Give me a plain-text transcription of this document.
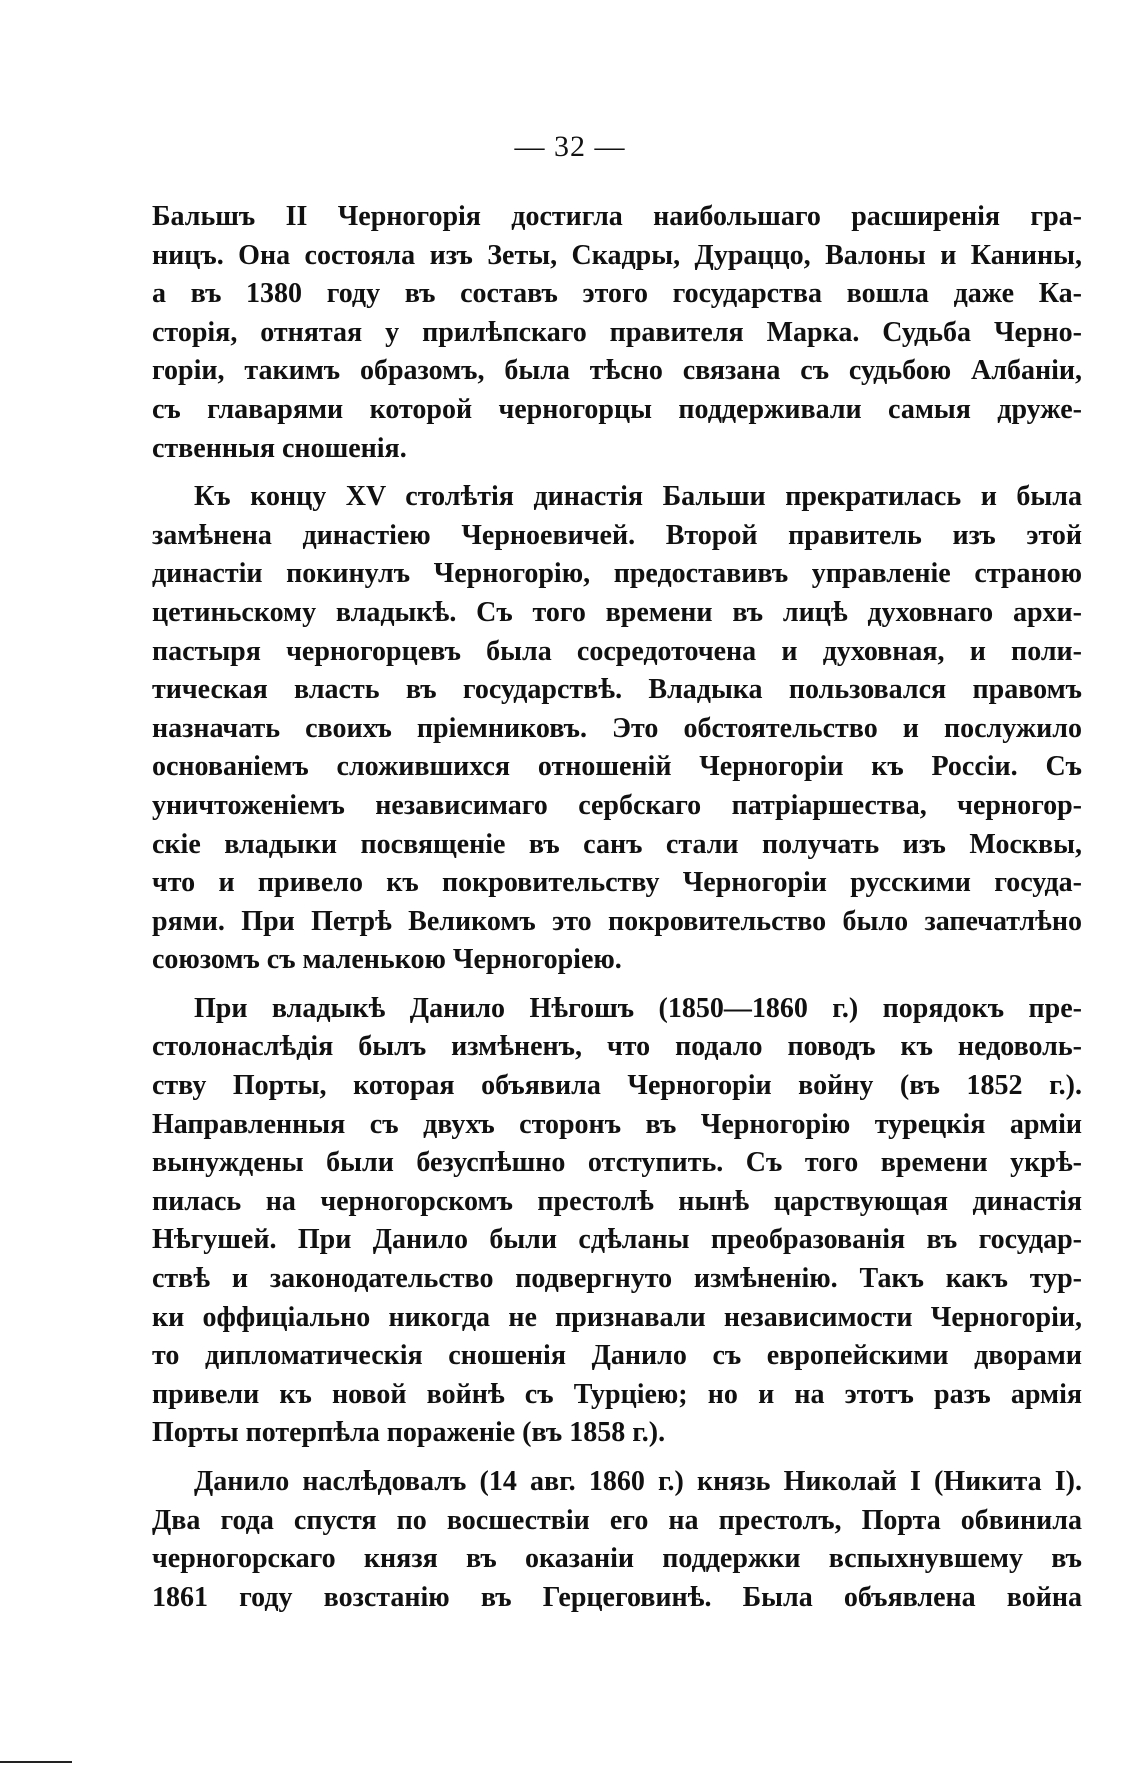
— 32 —
Бальшъ II Черногорія достигла наибольшаго расширенія гра-
ницъ. Она состояла изъ Зеты, Скадры, Дураццо, Валоны и Канины,
а въ 1380 году въ составъ этого государства вошла даже Ка-
сторія, отнятая у прилѣпскаго правителя Марка. Судьба Черно-
горіи, такимъ образомъ, была тѣсно связана съ судьбою Албаніи,
съ главарями которой черногорцы поддерживали самыя друже-
ственныя сношенія.
Къ концу XV столѣтія династія Бальши прекратилась и была
замѣнена династіею Черноевичей. Второй правитель изъ этой
династіи покинулъ Черногорію, предоставивъ управленіе страною
цетиньскому владыкѣ. Съ того времени въ лицѣ духовнаго архи-
пастыря черногорцевъ была сосредоточена и духовная, и поли-
тическая власть въ государствѣ. Владыка пользовался правомъ
назначать своихъ пріемниковъ. Это обстоятельство и послужило
основаніемъ сложившихся отношеній Черногоріи къ Россіи. Съ
уничтоженіемъ независимаго сербскаго патріаршества, черногор-
скіе владыки посвященіе въ санъ стали получать изъ Москвы,
что и привело къ покровительству Черногоріи русскими госуда-
рями. При Петрѣ Великомъ это покровительство было запечатлѣно
союзомъ съ маленькою Черногоріею.
При владыкѣ Данило Нѣгошъ (1850—1860 г.) порядокъ пре-
столонаслѣдія былъ измѣненъ, что подало поводъ къ недоволь-
ству Порты, которая объявила Черногоріи войну (въ 1852 г.).
Направленныя съ двухъ сторонъ въ Черногорію турецкія арміи
вынуждены были безуспѣшно отступить. Съ того времени укрѣ-
пилась на черногорскомъ престолѣ нынѣ царствующая династія
Нѣгушей. При Данило были сдѣланы преобразованія въ государ-
ствѣ и законодательство подвергнуто измѣненію. Такъ какъ тур-
ки оффиціально никогда не признавали независимости Черногоріи,
то дипломатическія сношенія Данило съ европейскими дворами
привели къ новой войнѣ съ Турціею; но и на этотъ разъ армія
Порты потерпѣла пораженіе (въ 1858 г.).
Данило наслѣдовалъ (14 авг. 1860 г.) князь Николай I (Никита I).
Два года спустя по восшествіи его на престолъ, Порта обвинила
черногорскаго князя въ оказаніи поддержки вспыхнувшему въ
1861 году возстанію въ Герцеговинѣ. Была объявлена война
